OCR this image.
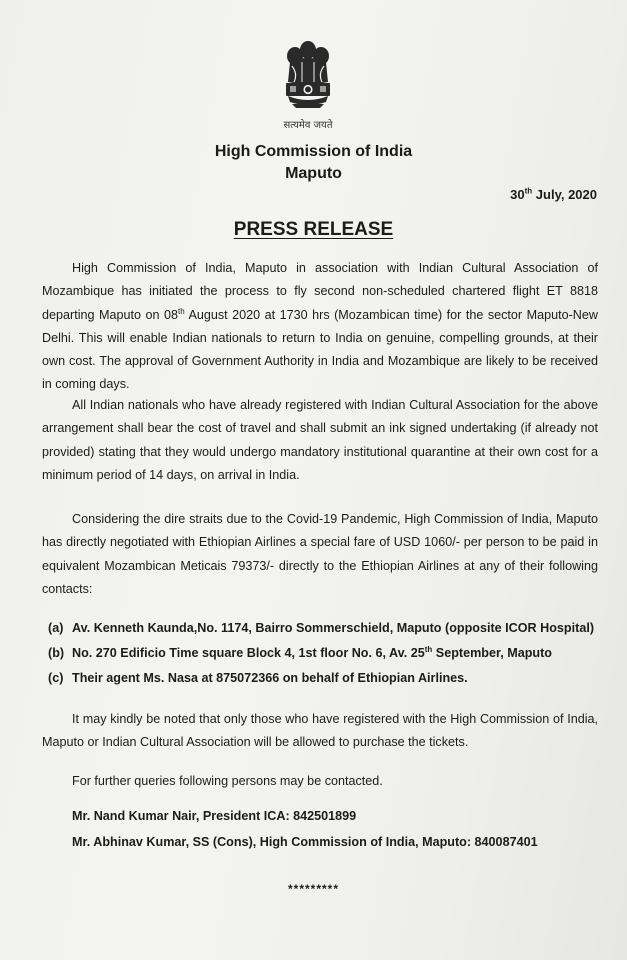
सत्यमेव जयते
High Commission of India
Maputo
30th July, 2020
PRESS RELEASE

High Commission of India, Maputo in association with Indian Cultural Association of Mozambique has initiated the process to fly second non-scheduled chartered flight ET 8818 departing Maputo on 08th August 2020 at 1730 hrs (Mozambican time) for the sector Maputo-New Delhi. This will enable Indian nationals to return to India on genuine, compelling grounds, at their own cost. The approval of Government Authority in India and Mozambique are likely to be received in coming days.

All Indian nationals who have already registered with Indian Cultural Association for the above arrangement shall bear the cost of travel and shall submit an ink signed undertaking (if already not provided) stating that they would undergo mandatory institutional quarantine at their own cost for a minimum period of 14 days, on arrival in India.

Considering the dire straits due to the Covid-19 Pandemic, High Commission of India, Maputo has directly negotiated with Ethiopian Airlines a special fare of USD 1060/- per person to be paid in equivalent Mozambican Meticais 79373/- directly to the Ethiopian Airlines at any of their following contacts:

(a) Av. Kenneth Kaunda,No. 1174, Bairro Sommerschield, Maputo (opposite ICOR Hospital)
(b) No. 270 Edificio Time square Block 4, 1st floor No. 6, Av. 25th September, Maputo
(c) Their agent Ms. Nasa at 875072366 on behalf of Ethiopian Airlines.

It may kindly be noted that only those who have registered with the High Commission of India, Maputo or Indian Cultural Association will be allowed to purchase the tickets.

For further queries following persons may be contacted.

Mr. Nand Kumar Nair, President ICA: 842501899
Mr. Abhinav Kumar, SS (Cons), High Commission of India, Maputo: 840087401
*********
